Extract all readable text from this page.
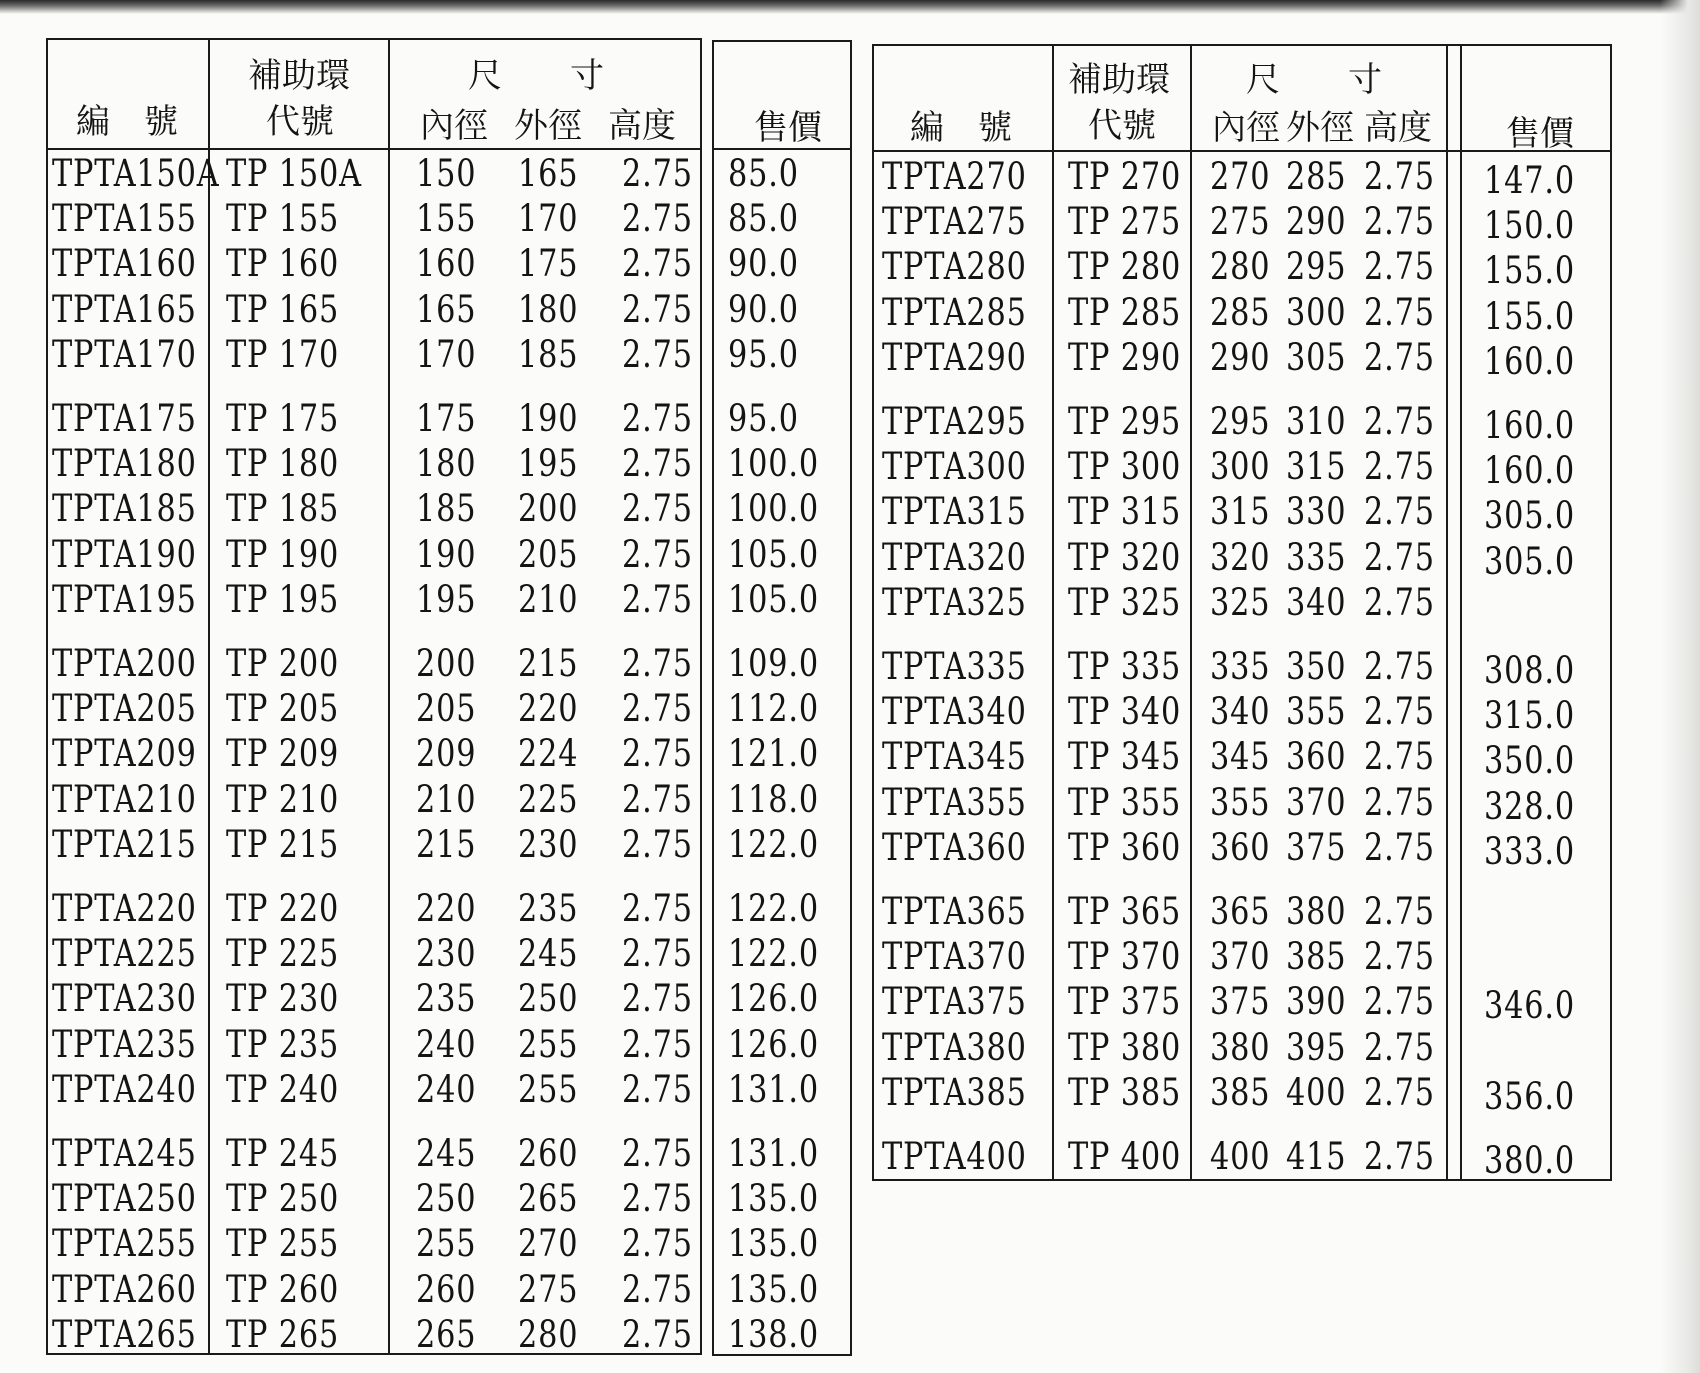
編　號
補助環
代號
尺　　寸
內徑 外徑 高度
TPTA150A TP 150A 150 165 2.75
TPTA155 TP 155 155 170 2.75
TPTA160 TP 160 160 175 2.75
TPTA165 TP 165 165 180 2.75
TPTA170 TP 170 170 185 2.75
TPTA175 TP 175 175 190 2.75
TPTA180 TP 180 180 195 2.75
TPTA185 TP 185 185 200 2.75
TPTA190 TP 190 190 205 2.75
TPTA195 TP 195 195 210 2.75
TPTA200 TP 200 200 215 2.75
TPTA205 TP 205 205 220 2.75
TPTA209 TP 209 209 224 2.75
TPTA210 TP 210 210 225 2.75
TPTA215 TP 215 215 230 2.75
TPTA220 TP 220 220 235 2.75
TPTA225 TP 225 230 245 2.75
TPTA230 TP 230 235 250 2.75
TPTA235 TP 235 240 255 2.75
TPTA240 TP 240 240 255 2.75
TPTA245 TP 245 245 260 2.75
TPTA250 TP 250 250 265 2.75
TPTA255 TP 255 255 270 2.75
TPTA260 TP 260 260 275 2.75
TPTA265 TP 265 265 280 2.75
售價
85.0
85.0
90.0
90.0
95.0
95.0
100.0
100.0
105.0
105.0
109.0
112.0
121.0
118.0
122.0
122.0
122.0
126.0
126.0
131.0
131.0
135.0
135.0
135.0
138.0
編　號
補助環
代號
尺　　寸
內徑 外徑 高度 售價
TPTA270 TP 270 270 285 2.75 147.0
TPTA275 TP 275 275 290 2.75 150.0
TPTA280 TP 280 280 295 2.75 155.0
TPTA285 TP 285 285 300 2.75 155.0
TPTA290 TP 290 290 305 2.75 160.0
TPTA295 TP 295 295 310 2.75 160.0
TPTA300 TP 300 300 315 2.75 160.0
TPTA315 TP 315 315 330 2.75 305.0
TPTA320 TP 320 320 335 2.75 305.0
TPTA325 TP 325 325 340 2.75
TPTA335 TP 335 335 350 2.75 308.0
TPTA340 TP 340 340 355 2.75 315.0
TPTA345 TP 345 345 360 2.75 350.0
TPTA355 TP 355 355 370 2.75 328.0
TPTA360 TP 360 360 375 2.75 333.0
TPTA365 TP 365 365 380 2.75
TPTA370 TP 370 370 385 2.75
TPTA375 TP 375 375 390 2.75 346.0
TPTA380 TP 380 380 395 2.75
TPTA385 TP 385 385 400 2.75 356.0
TPTA400 TP 400 400 415 2.75 380.0
